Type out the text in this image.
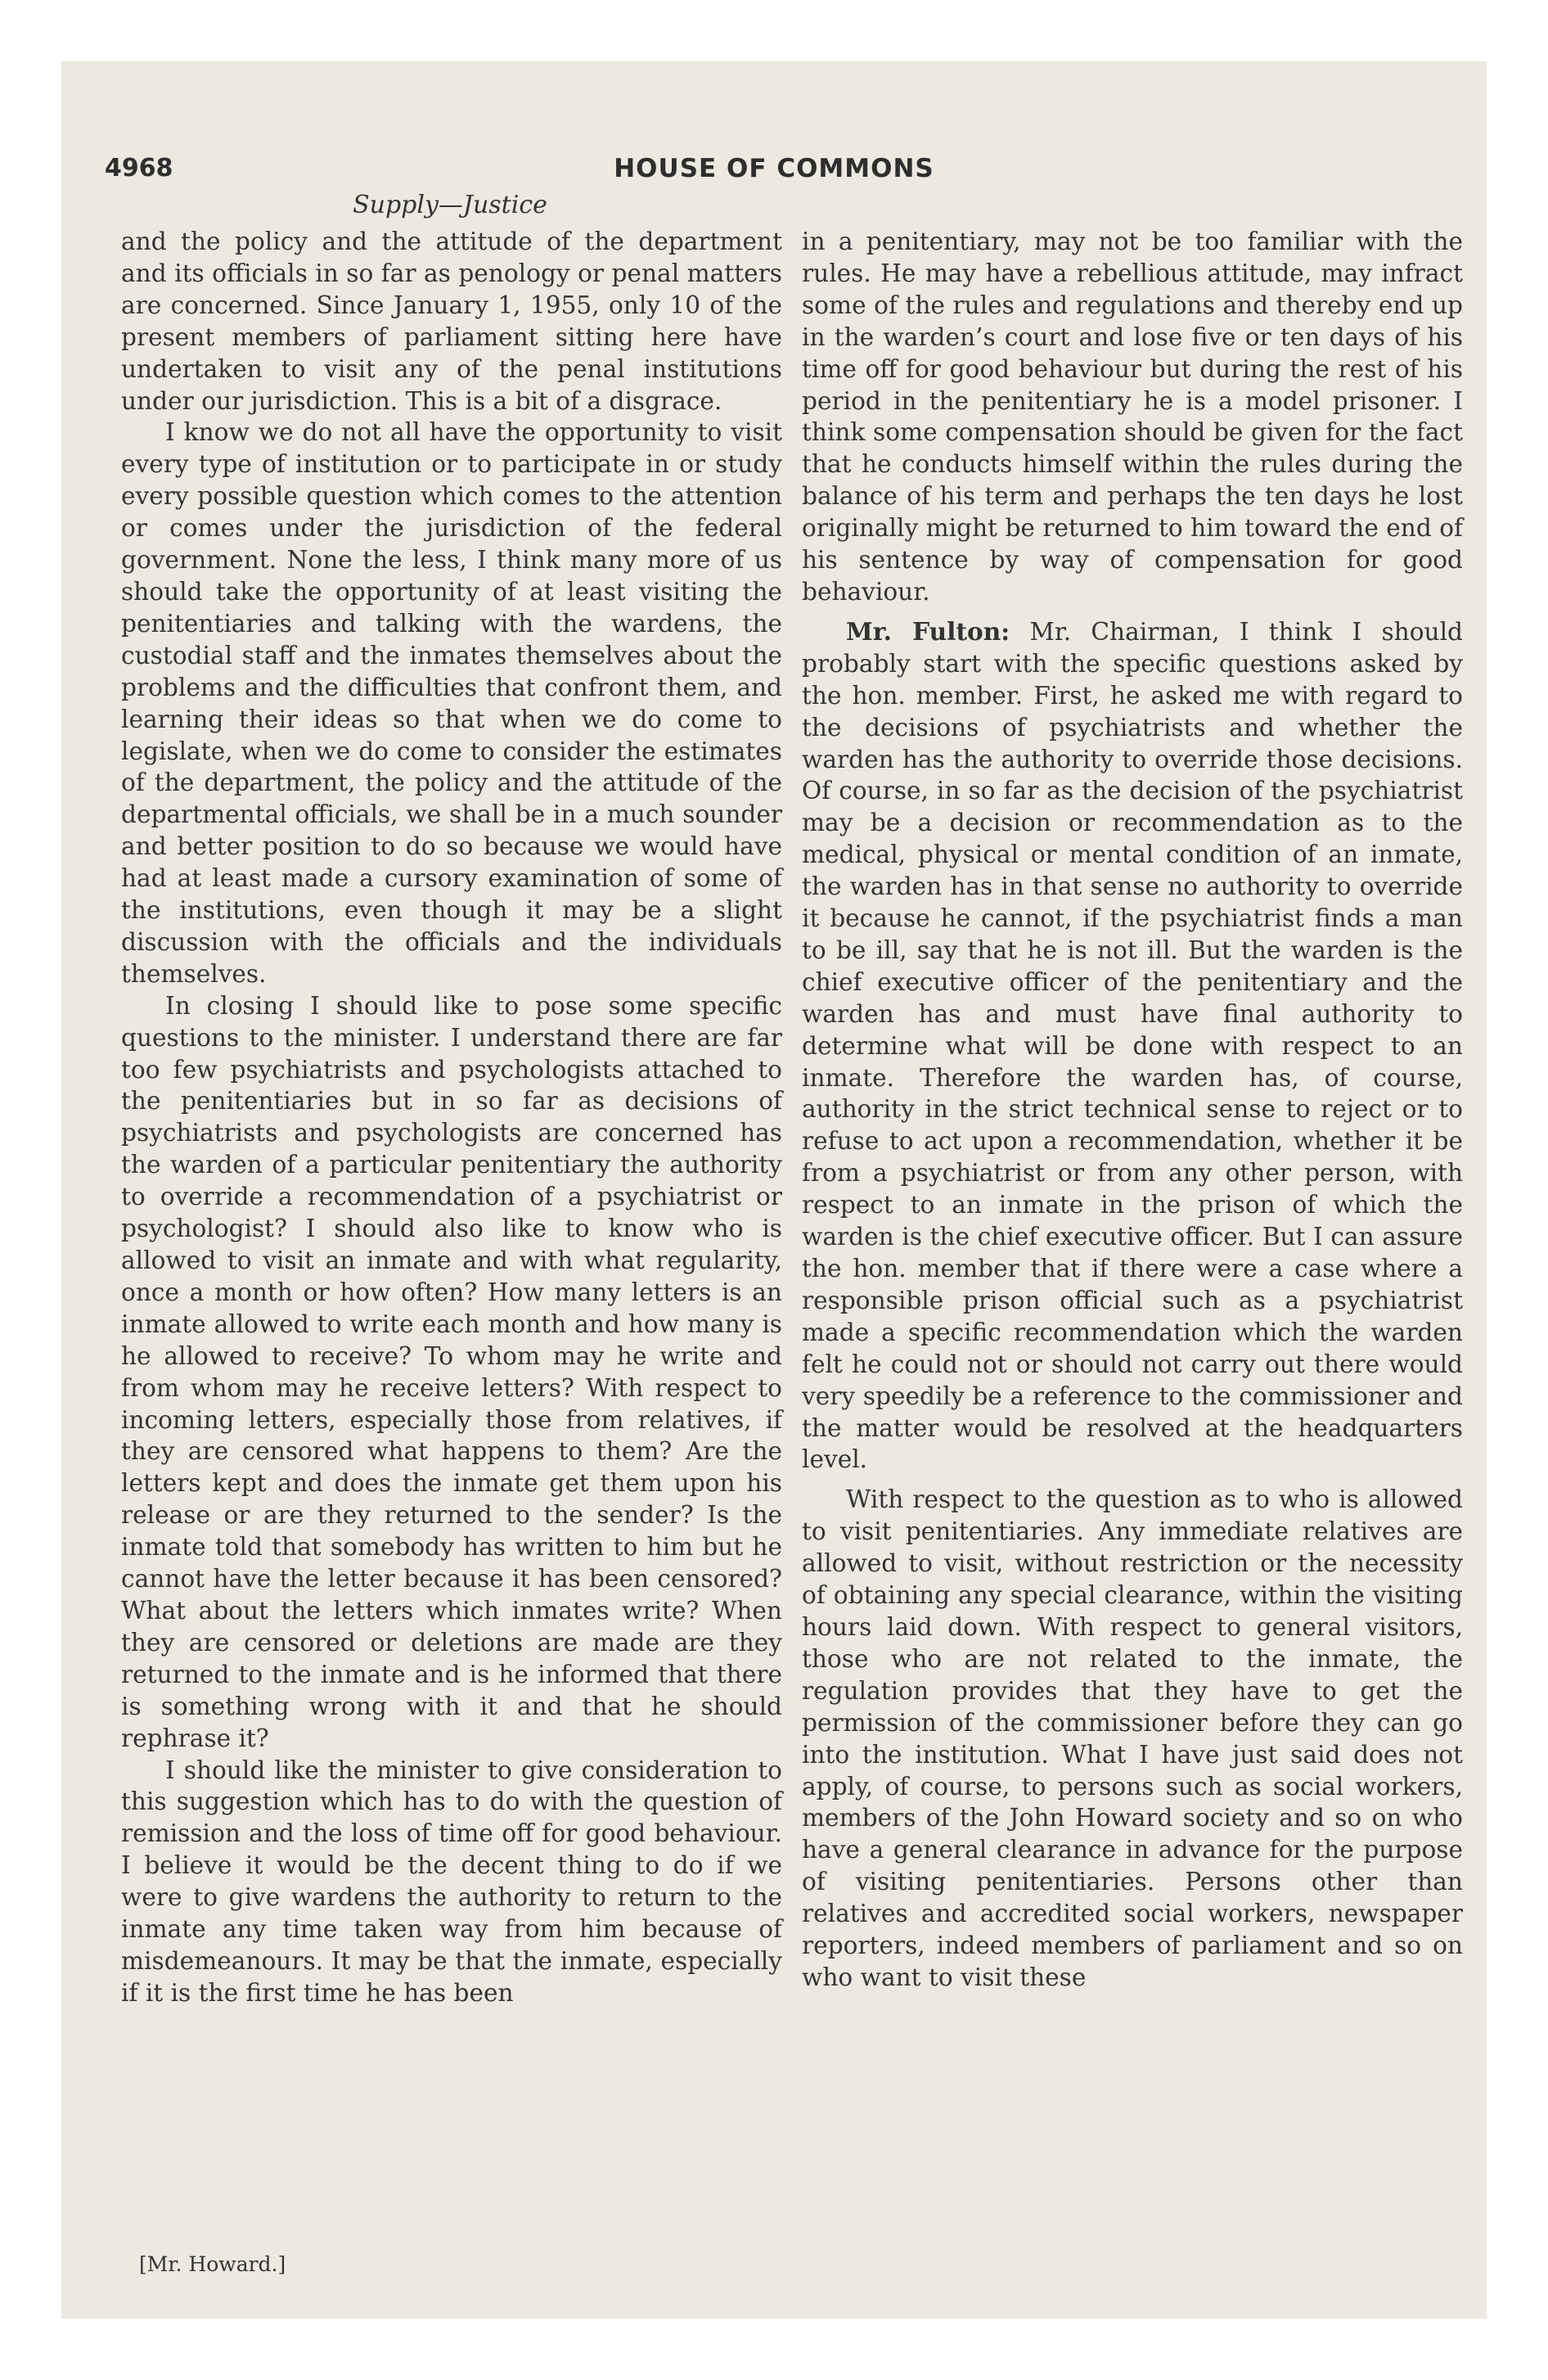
4968	HOUSE OF COMMONS
Supply—Justice

and the policy and the attitude of the department and its officials in so far as penology or penal matters are concerned. Since January 1, 1955, only 10 of the present members of parliament sitting here have undertaken to visit any of the penal institutions under our jurisdiction. This is a bit of a disgrace.

I know we do not all have the opportunity to visit every type of institution or to participate in or study every possible question which comes to the attention or comes under the jurisdiction of the federal government. None the less, I think many more of us should take the opportunity of at least visiting the penitentiaries and talking with the wardens, the custodial staff and the inmates themselves about the problems and the difficulties that confront them, and learning their ideas so that when we do come to legislate, when we do come to consider the estimates of the department, the policy and the attitude of the departmental officials, we shall be in a much sounder and better position to do so because we would have had at least made a cursory examination of some of the institutions, even though it may be a slight discussion with the officials and the individuals themselves.

In closing I should like to pose some specific questions to the minister. I understand there are far too few psychiatrists and psychologists attached to the penitentiaries but in so far as decisions of psychiatrists and psychologists are concerned has the warden of a particular penitentiary the authority to override a recommendation of a psychiatrist or psychologist? I should also like to know who is allowed to visit an inmate and with what regularity, once a month or how often? How many letters is an inmate allowed to write each month and how many is he allowed to receive? To whom may he write and from whom may he receive letters? With respect to incoming letters, especially those from relatives, if they are censored what happens to them? Are the letters kept and does the inmate get them upon his release or are they returned to the sender? Is the inmate told that somebody has written to him but he cannot have the letter because it has been censored? What about the letters which inmates write? When they are censored or deletions are made are they returned to the inmate and is he informed that there is something wrong with it and that he should rephrase it?

I should like the minister to give consideration to this suggestion which has to do with the question of remission and the loss of time off for good behaviour. I believe it would be the decent thing to do if we were to give wardens the authority to return to the inmate any time taken way from him because of misdemeanours. It may be that the inmate, especially if it is the first time he has been

in a penitentiary, may not be too familiar with the rules. He may have a rebellious attitude, may infract some of the rules and regulations and thereby end up in the warden’s court and lose five or ten days of his time off for good behaviour but during the rest of his period in the penitentiary he is a model prisoner. I think some compensation should be given for the fact that he conducts himself within the rules during the balance of his term and perhaps the ten days he lost originally might be returned to him toward the end of his sentence by way of compensation for good behaviour.

Mr. Fulton: Mr. Chairman, I think I should probably start with the specific questions asked by the hon. member. First, he asked me with regard to the decisions of psychiatrists and whether the warden has the authority to override those decisions. Of course, in so far as the decision of the psychiatrist may be a decision or recommendation as to the medical, physical or mental condition of an inmate, the warden has in that sense no authority to override it because he cannot, if the psychiatrist finds a man to be ill, say that he is not ill. But the warden is the chief executive officer of the penitentiary and the warden has and must have final authority to determine what will be done with respect to an inmate. Therefore the warden has, of course, authority in the strict technical sense to reject or to refuse to act upon a recommendation, whether it be from a psychiatrist or from any other person, with respect to an inmate in the prison of which the warden is the chief executive officer. But I can assure the hon. member that if there were a case where a responsible prison official such as a psychiatrist made a specific recommendation which the warden felt he could not or should not carry out there would very speedily be a reference to the commissioner and the matter would be resolved at the headquarters level.

With respect to the question as to who is allowed to visit penitentiaries. Any immediate relatives are allowed to visit, without restriction or the necessity of obtaining any special clearance, within the visiting hours laid down. With respect to general visitors, those who are not related to the inmate, the regulation provides that they have to get the permission of the commissioner before they can go into the institution. What I have just said does not apply, of course, to persons such as social workers, members of the John Howard society and so on who have a general clearance in advance for the purpose of visiting penitentiaries. Persons other than relatives and accredited social workers, newspaper reporters, indeed members of parliament and so on who want to visit these

[Mr. Howard.]
